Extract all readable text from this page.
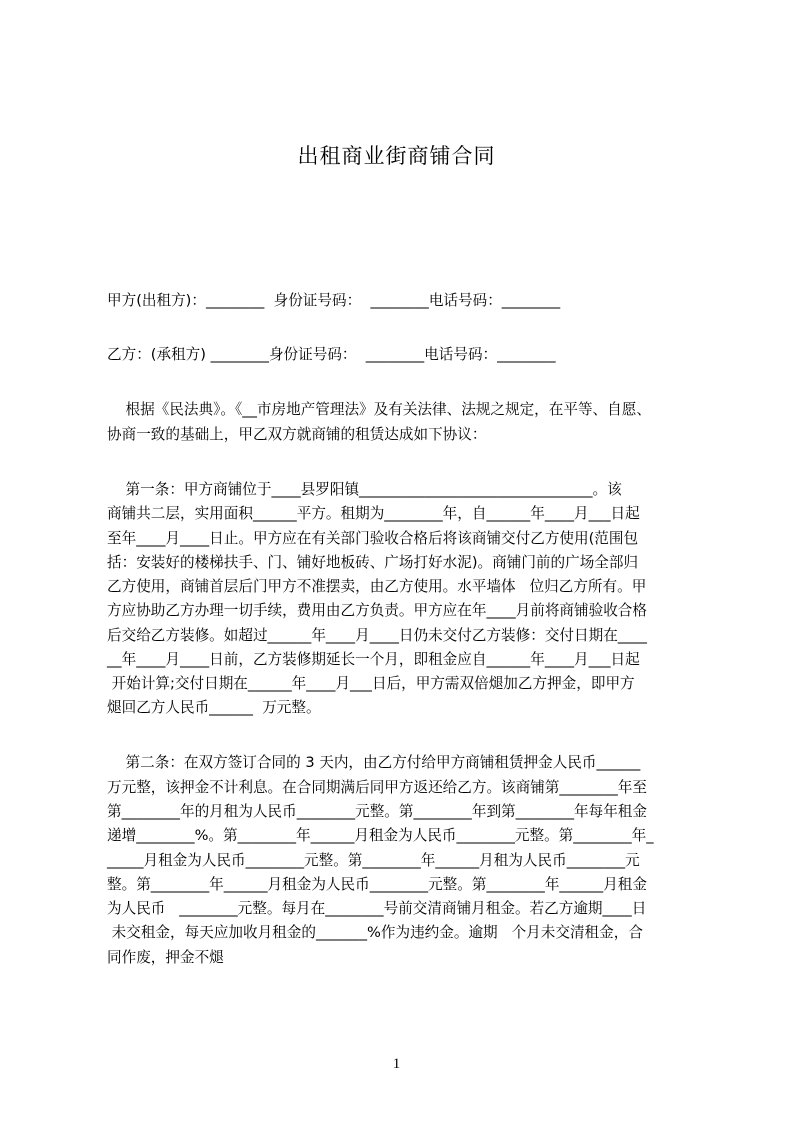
出租商业街商铺合同
甲方(出租方)：________  身份证号码：  ________电话号码：________
乙方：(承租方) ________身份证号码：  ________电话号码：________
根据《民法典》。《__市房地产管理法》及有关法律、法规之规定，在平等、自愿、
协商一致的基础上，甲乙双方就商铺的租赁达成如下协议：
第一条：甲方商铺位于____县罗阳镇________________________________。该
商铺共二层，实用面积______平方。租期为________年，自______年____月___日起
至年____月____日止。甲方应在有关部门验收合格后将该商铺交付乙方使用(范围包
括：安装好的楼梯扶手、门、铺好地板砖、广场打好水泥)。商铺门前的广场全部归
乙方使用，商铺首层后门甲方不准摆卖，由乙方使用。水平墙体   位归乙方所有。甲
方应协助乙方办理一切手续，费用由乙方负责。甲方应在年____月前将商铺验收合格
后交给乙方装修。如超过______年____月____日仍未交付乙方装修：交付日期在____
__年____月____日前，乙方装修期延长一个月，即租金应自______年____月___日起
开始计算;交付日期在______年____月___日后，甲方需双倍煺加乙方押金，即甲方
煺回乙方人民币______  万元整。
第二条：在双方签订合同的 3 天内，由乙方付给甲方商铺租赁押金人民币______
万元整，该押金不计利息。在合同期满后同甲方返还给乙方。该商铺第________年至
第________年的月租为人民币________元整。第________年到第________年每年租金
递增________%。第________年______月租金为人民币________元整。第________年_
_____月租金为人民币________元整。第________年______月租为人民币________元
整。第________年______月租金为人民币________元整。第________年______月租金
为人民币   ________元整。每月在________号前交清商铺月租金。若乙方逾期____日
未交租金，每天应加收月租金的_______%作为违约金。逾期   个月未交清租金，合
同作废，押金不煺
1
